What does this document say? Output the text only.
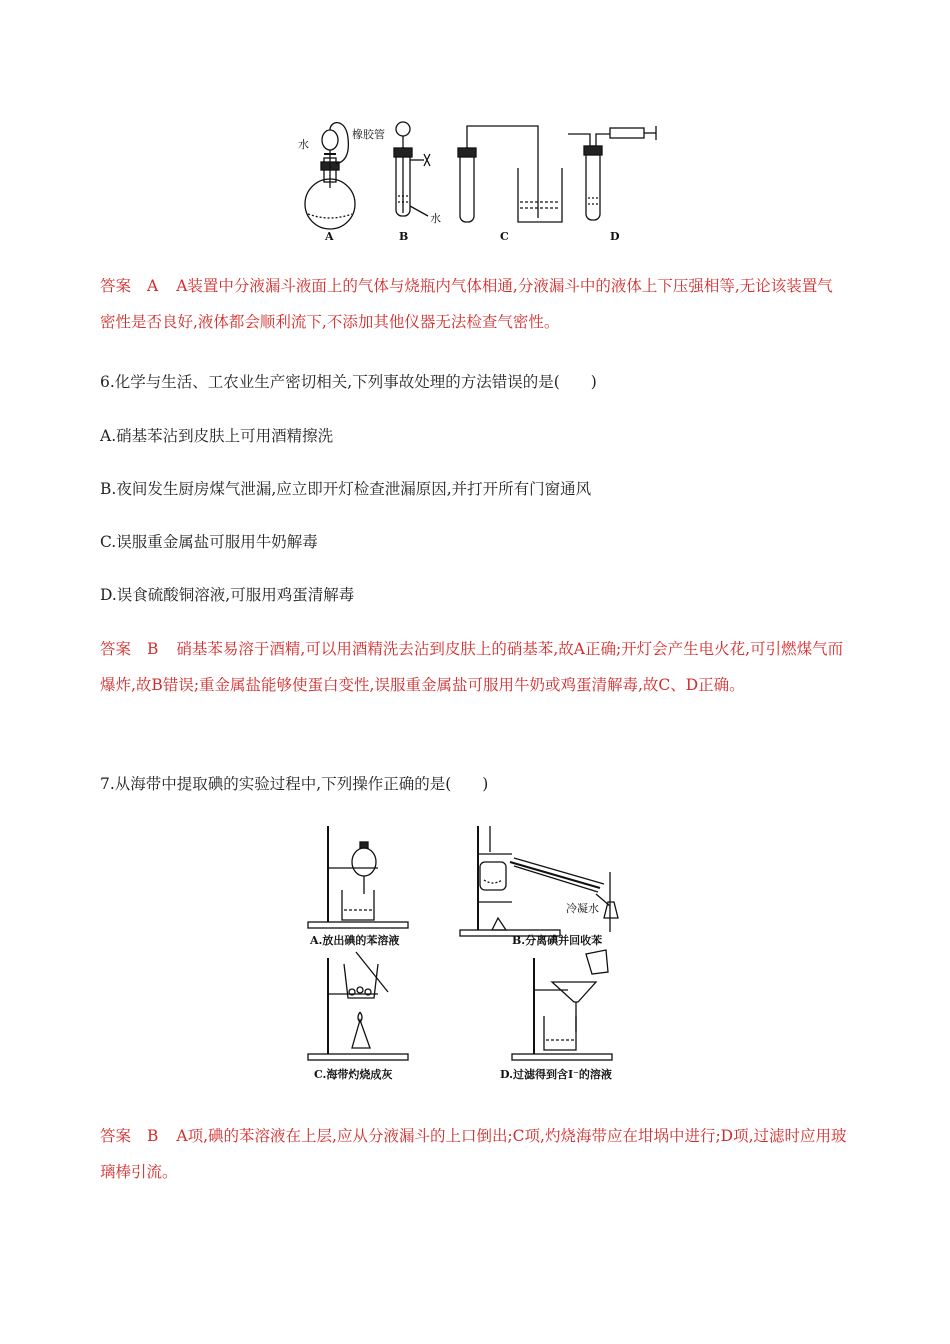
水
橡胶管
水
A	B	C	D

答案 A A装置中分液漏斗液面上的气体与烧瓶内气体相通,分液漏斗中的液体上下压强相等,无论该装置气密性是否良好,液体都会顺利流下,不添加其他仪器无法检查气密性。

6.化学与生活、工农业生产密切相关,下列事故处理的方法错误的是(　　)

A.硝基苯沾到皮肤上可用酒精擦洗

B.夜间发生厨房煤气泄漏,应立即开灯检查泄漏原因,并打开所有门窗通风

C.误服重金属盐可服用牛奶解毒

D.误食硫酸铜溶液,可服用鸡蛋清解毒

答案 B 硝基苯易溶于酒精,可以用酒精洗去沾到皮肤上的硝基苯,故A正确;开灯会产生电火花,可引燃煤气而爆炸,故B错误;重金属盐能够使蛋白变性,误服重金属盐可服用牛奶或鸡蛋清解毒,故C、D正确。

7.从海带中提取碘的实验过程中,下列操作正确的是(　　)

冷凝水
A.放出碘的苯溶液	B.分离碘并回收苯
C.海带灼烧成灰	D.过滤得到含I⁻的溶液

答案 B A项,碘的苯溶液在上层,应从分液漏斗的上口倒出;C项,灼烧海带应在坩埚中进行;D项,过滤时应用玻璃棒引流。
